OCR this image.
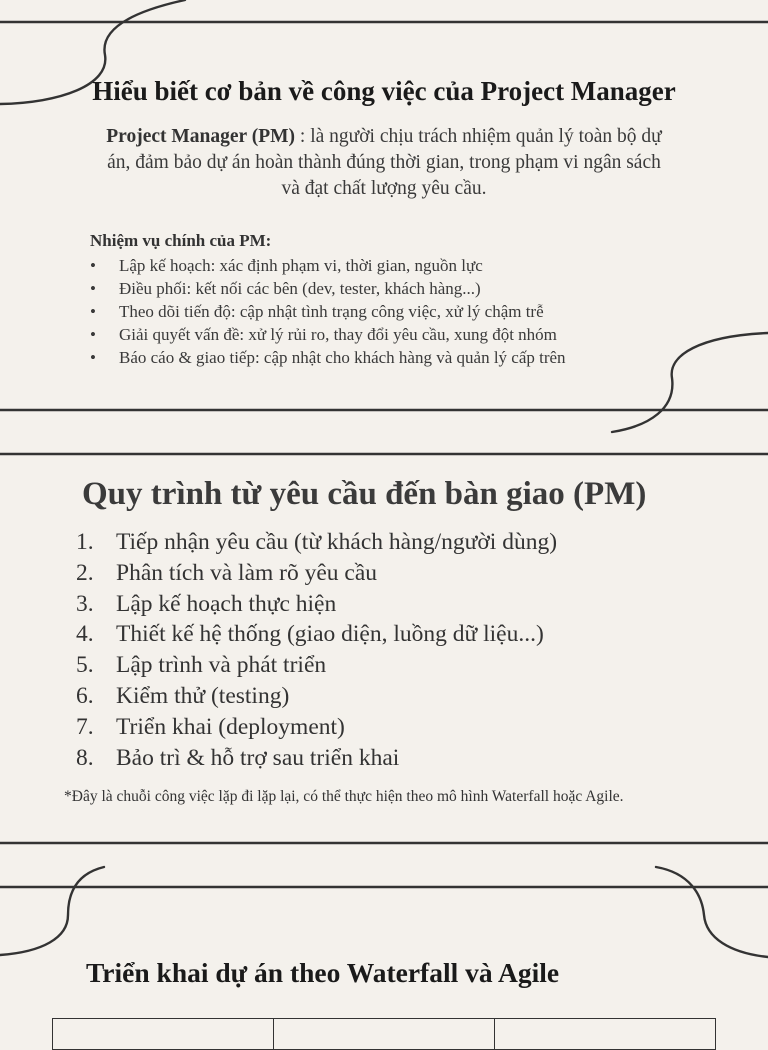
Hiểu biết cơ bản về công việc của Project Manager

Project Manager (PM) : là người chịu trách nhiệm quản lý toàn bộ dự án, đảm bảo dự án hoàn thành đúng thời gian, trong phạm vi ngân sách và đạt chất lượng yêu cầu.

Nhiệm vụ chính của PM:

• Lập kế hoạch: xác định phạm vi, thời gian, nguồn lực
• Điều phối: kết nối các bên (dev, tester, khách hàng...)
• Theo dõi tiến độ: cập nhật tình trạng công việc, xử lý chậm trễ
• Giải quyết vấn đề: xử lý rủi ro, thay đổi yêu cầu, xung đột nhóm
• Báo cáo & giao tiếp: cập nhật cho khách hàng và quản lý cấp trên
Quy trình từ yêu cầu đến bàn giao (PM)
1. Tiếp nhận yêu cầu (từ khách hàng/người dùng)
2. Phân tích và làm rõ yêu cầu
3. Lập kế hoạch thực hiện
4. Thiết kế hệ thống (giao diện, luồng dữ liệu...)
5. Lập trình và phát triển
6. Kiểm thử (testing)
7. Triển khai (deployment)
8. Bảo trì & hỗ trợ sau triển khai

*Đây là chuỗi công việc lặp đi lặp lại, có thể thực hiện theo mô hình Waterfall hoặc Agile.

Triển khai dự án theo Waterfall và Agile
